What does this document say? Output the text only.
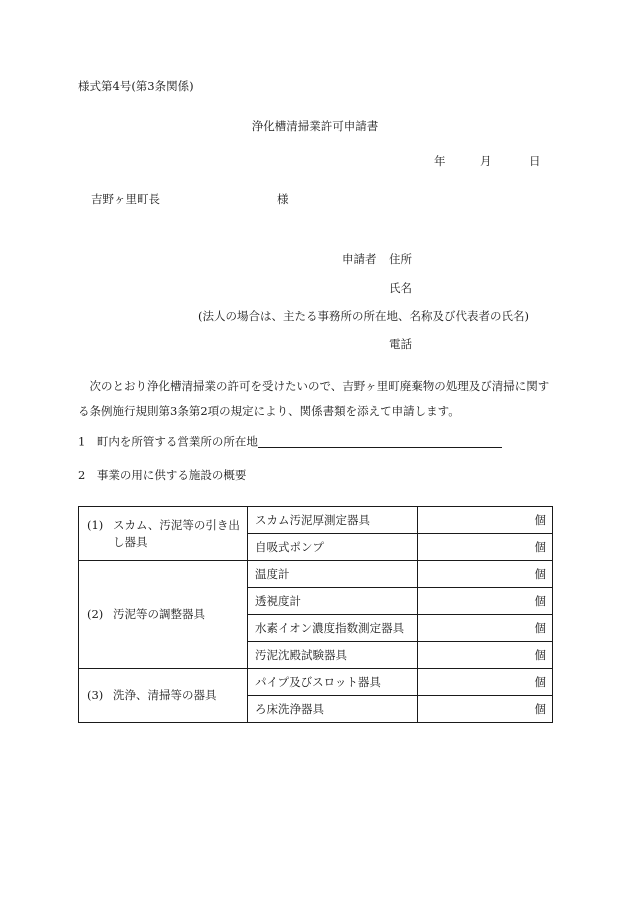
様式第4号(第3条関係)
浄化槽清掃業許可申請書
年	月	日
吉野ヶ里町長	様
申請者 住所
氏名
(法人の場合は、主たる事務所の所在地、名称及び代表者の氏名)
電話
次のとおり浄化槽清掃業の許可を受けたいので、吉野ヶ里町廃棄物の処理及び清掃に関する条例施行規則第3条第2項の規定により、関係書類を添えて申請します。
1　町内を所管する営業所の所在地
2　事業の用に供する施設の概要
(1) スカム、汚泥等の引き出
し器具	スカム汚泥厚測定器具	個
	自吸式ポンプ	個
(2) 汚泥等の調整器具	温度計	個
	透視度計	個
	水素イオン濃度指数測定器具	個
	汚泥沈殿試験器具	個
(3) 洗浄、清掃等の器具	パイプ及びスロット器具	個
	ろ床洗浄器具	個
